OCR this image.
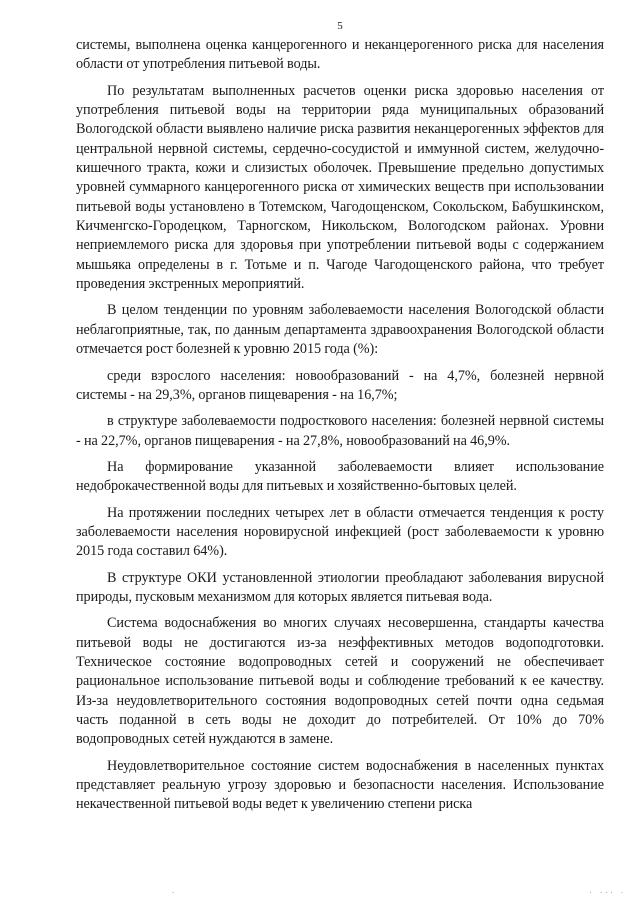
5

системы, выполнена оценка канцерогенного и неканцерогенного риска для населения области от употребления питьевой воды.

По результатам выполненных расчетов оценки риска здоровью населения от употребления питьевой воды на территории ряда муниципальных образований Вологодской области выявлено наличие риска развития неканцерогенных эффектов для центральной нервной системы, сердечно-сосудистой и иммунной систем, желудочно-кишечного тракта, кожи и слизистых оболочек. Превышение предельно допустимых уровней суммарного канцерогенного риска от химических веществ при использовании питьевой воды установлено в Тотемском, Чагодощенском, Сокольском, Бабушкинском, Кичменгско-Городецком, Тарногском, Никольском, Вологодском районах. Уровни неприемлемого риска для здоровья при употреблении питьевой воды с содержанием мышьяка определены в г. Тотьме и п. Чагоде Чагодощенского района, что требует проведения экстренных мероприятий.

В целом тенденции по уровням заболеваемости населения Вологодской области неблагоприятные, так, по данным департамента здравоохранения Вологодской области отмечается рост болезней к уровню 2015 года (%):

среди взрослого населения: новообразований - на 4,7%, болезней нервной системы - на 29,3%, органов пищеварения - на 16,7%;

в структуре заболеваемости подросткового населения: болезней нервной системы - на 22,7%, органов пищеварения - на 27,8%, новообразований на 46,9%.

На формирование указанной заболеваемости влияет использование недоброкачественной воды для питьевых и хозяйственно-бытовых целей.

На протяжении последних четырех лет в области отмечается тенденция к росту заболеваемости населения норовирусной инфекцией (рост заболеваемости к уровню 2015 года составил 64%).

В структуре ОКИ установленной этиологии преобладают заболевания вирусной природы, пусковым механизмом для которых является питьевая вода.

Система водоснабжения во многих случаях несовершенна, стандарты качества питьевой воды не достигаются из-за неэффективных методов водоподготовки. Техническое состояние водопроводных сетей и сооружений не обеспечивает рациональное использование питьевой воды и соблюдение требований к ее качеству. Из-за неудовлетворительного состояния водопроводных сетей почти одна седьмая часть поданной в сеть воды не доходит до потребителей. От 10% до 70% водопроводных сетей нуждаются в замене.

Неудовлетворительное состояние систем водоснабжения в населенных пунктах представляет реальную угрозу здоровью и безопасности населения. Использование некачественной питьевой воды ведет к увеличению степени риска

.	. ... .
